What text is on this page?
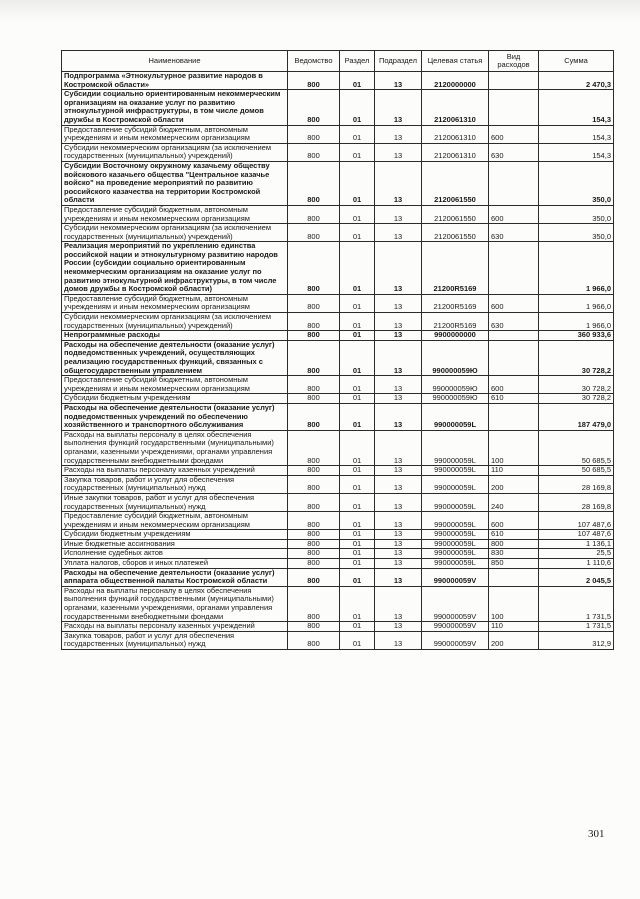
Наименование	Ведомство	Раздел	Подраздел	Целевая статья	Вид расходов	Сумма
Подпрограмма «Этнокультурное развитие народов в Костромской области»	800	01	13	2120000000		2 470,3
Субсидии социально ориентированным некоммерческим организациям на оказание услуг по развитию этнокультурной инфраструктуры, в том числе домов дружбы в Костромской области	800	01	13	2120061310		154,3
Предоставление субсидий бюджетным, автономным учреждениям и иным некоммерческим организациям	800	01	13	2120061310	600	154,3
Субсидии некоммерческим организациям (за исключением государственных (муниципальных) учреждений)	800	01	13	2120061310	630	154,3
Субсидии Восточному окружному казачьему обществу войскового казачьего общества "Центральное казачье войско" на проведение мероприятий по развитию российского казачества на территории Костромской области	800	01	13	2120061550		350,0
Предоставление субсидий бюджетным, автономным учреждениям и иным некоммерческим организациям	800	01	13	2120061550	600	350,0
Субсидии некоммерческим организациям (за исключением государственных (муниципальных) учреждений)	800	01	13	2120061550	630	350,0
Реализация мероприятий по укреплению единства российской нации и этнокультурному развитию народов России (субсидии социально ориентированным некоммерческим организациям на оказание услуг по развитию этнокультурной инфраструктуры, в том числе домов дружбы в Костромской области)	800	01	13	21200R5169		1 966,0
Предоставление субсидий бюджетным, автономным учреждениям и иным некоммерческим организациям	800	01	13	21200R5169	600	1 966,0
Субсидии некоммерческим организациям (за исключением государственных (муниципальных) учреждений)	800	01	13	21200R5169	630	1 966,0
Непрограммные расходы	800	01	13	9900000000		360 933,6
Расходы на обеспечение деятельности (оказание услуг) подведомственных учреждений, осуществляющих реализацию государственных функций, связанных с общегосударственным управлением	800	01	13	990000059Ю		30 728,2
Предоставление субсидий бюджетным, автономным учреждениям и иным некоммерческим организациям	800	01	13	990000059Ю	600	30 728,2
Субсидии бюджетным учреждениям	800	01	13	990000059Ю	610	30 728,2
Расходы на обеспечение деятельности (оказание услуг) подведомственных учреждений по обеспечению хозяйственного и транспортного обслуживания	800	01	13	990000059L		187 479,0
Расходы на выплаты персоналу в целях обеспечения выполнения функций государственными (муниципальными) органами, казенными учреждениями, органами управления государственными внебюджетными фондами	800	01	13	990000059L	100	50 685,5
Расходы на выплаты персоналу казенных учреждений	800	01	13	990000059L	110	50 685,5
Закупка товаров, работ и услуг для обеспечения государственных (муниципальных) нужд	800	01	13	990000059L	200	28 169,8
Иные закупки товаров, работ и услуг для обеспечения государственных (муниципальных) нужд	800	01	13	990000059L	240	28 169,8
Предоставление субсидий бюджетным, автономным учреждениям и иным некоммерческим организациям	800	01	13	990000059L	600	107 487,6
Субсидии бюджетным учреждениям	800	01	13	990000059L	610	107 487,6
Иные бюджетные ассигнования	800	01	13	990000059L	800	1 136,1
Исполнение судебных актов	800	01	13	990000059L	830	25,5
Уплата налогов, сборов и иных платежей	800	01	13	990000059L	850	1 110,6
Расходы на обеспечение деятельности (оказание услуг) аппарата общественной палаты Костромской области	800	01	13	990000059V		2 045,5
Расходы на выплаты персоналу в целях обеспечения выполнения функций государственными (муниципальными) органами, казенными учреждениями, органами управления государственными внебюджетными фондами	800	01	13	990000059V	100	1 731,5
Расходы на выплаты персоналу казенных учреждений	800	01	13	990000059V	110	1 731,5
Закупка товаров, работ и услуг для обеспечения государственных (муниципальных) нужд	800	01	13	990000059V	200	312,9
301
